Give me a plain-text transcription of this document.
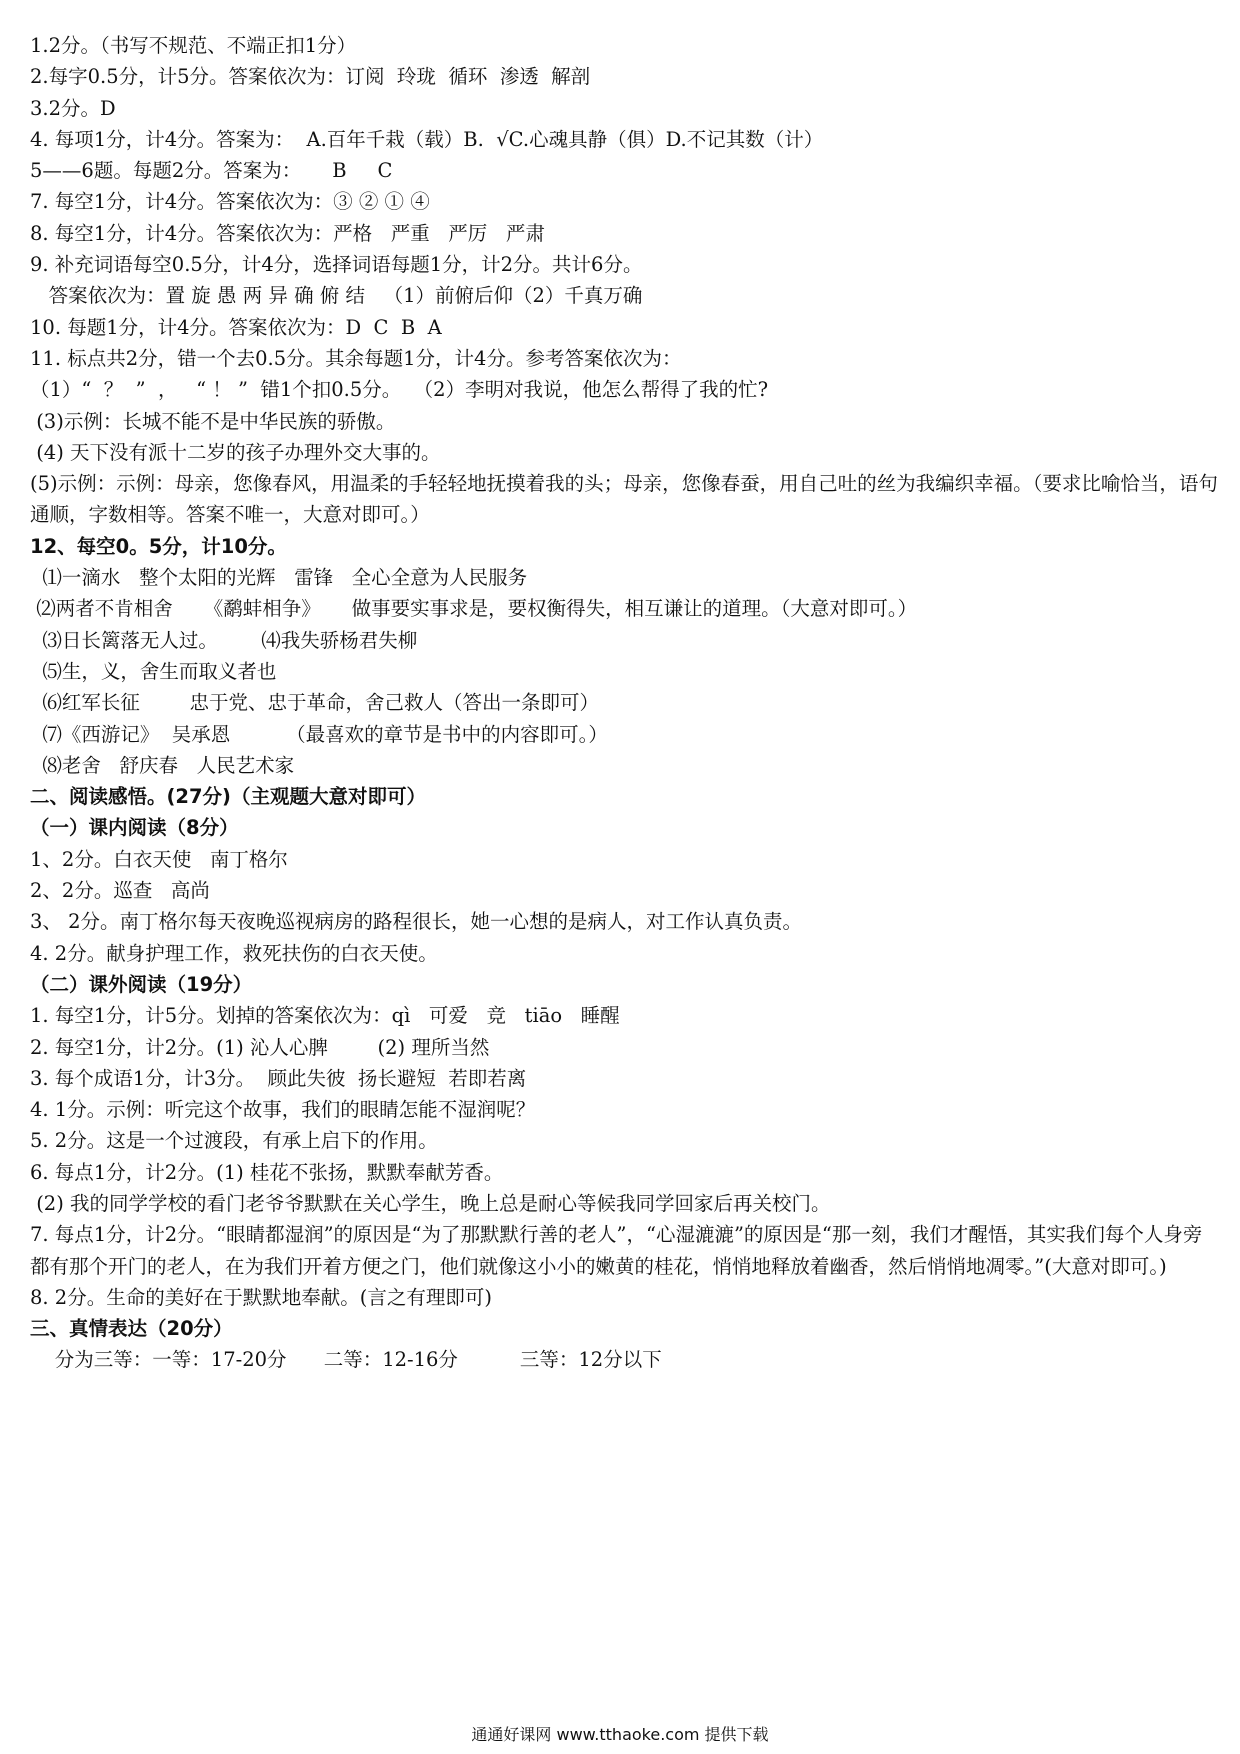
1.2分。（书写不规范、不端正扣1分）
2.每字0.5分，计5分。答案依次为：订阅  玲珑  循环  渗透  解剖
3.2分。D
4. 每项1分，计4分。答案为：  A.百年千栽（载）B.  √C.心魂具静（俱）D.不记其数（计）
5——6题。每题2分。答案为：     B     C
7. 每空1分，计4分。答案依次为：③ ② ① ④
8. 每空1分，计4分。答案依次为：严格   严重   严厉   严肃
9. 补充词语每空0.5分，计4分，选择词语每题1分，计2分。共计6分。
答案依次为：置 旋 愚 两 异 确 俯 结   （1）前俯后仰（2）千真万确
10. 每题1分，计4分。答案依次为：D  C  B  A
11. 标点共2分，错一个去0.5分。其余每题1分，计4分。参考答案依次为：
（1）“  ？  ”  ，   “ ！ ”  错1个扣0.5分。  （2）李明对我说，他怎么帮得了我的忙?
(3)示例：长城不能不是中华民族的骄傲。
(4) 天下没有派十二岁的孩子办理外交大事的。
(5)示例：示例：母亲，您像春风，用温柔的手轻轻地抚摸着我的头；母亲，您像春蚕，用自己吐的丝为我编织幸福。（要求比喻恰当，语句通顺，字数相等。答案不唯一，大意对即可。）
12、每空0。5分，计10分。
⑴一滴水   整个太阳的光辉   雷锋   全心全意为人民服务
⑵两者不肯相舍     《鹬蚌相争》     做事要实事求是，要权衡得失，相互谦让的道理。（大意对即可。）
⑶日长篱落无人过。       ⑷我失骄杨君失柳
⑸生，义，舍生而取义者也
⑹红军长征        忠于党、忠于革命，舍己救人（答出一条即可）
⑺《西游记》  吴承恩         （最喜欢的章节是书中的内容即可。）
⑻老舍   舒庆春   人民艺术家
二、阅读感悟。(27分)（主观题大意对即可）
（一）课内阅读（8分）
1、2分。白衣天使   南丁格尔
2、2分。巡查   高尚
3、 2分。南丁格尔每天夜晚巡视病房的路程很长，她一心想的是病人，对工作认真负责。
4. 2分。献身护理工作，救死扶伤的白衣天使。
（二）课外阅读（19分）
1. 每空1分，计5分。划掉的答案依次为：qì   可爱   竞   tiāo   睡醒
2. 每空1分，计2分。(1) 沁人心脾        (2) 理所当然
3. 每个成语1分，计3分。  顾此失彼  扬长避短  若即若离
4. 1分。示例：听完这个故事，我们的眼睛怎能不湿润呢？
5. 2分。这是一个过渡段，有承上启下的作用。
6. 每点1分，计2分。(1) 桂花不张扬，默默奉献芳香。
(2) 我的同学学校的看门老爷爷默默在关心学生，晚上总是耐心等候我同学回家后再关校门。
7. 每点1分，计2分。“眼睛都湿润”的原因是“为了那默默行善的老人”，“心湿漉漉”的原因是“那一刻，我们才醒悟，其实我们每个人身旁都有那个开门的老人，在为我们开着方便之门，他们就像这小小的嫩黄的桂花，悄悄地释放着幽香，然后悄悄地凋零。”(大意对即可。)
8. 2分。生命的美好在于默默地奉献。(言之有理即可)
三、真情表达（20分）
分为三等：一等：17-20分      二等：12-16分          三等：12分以下
通通好课网 www.tthaoke.com 提供下载
